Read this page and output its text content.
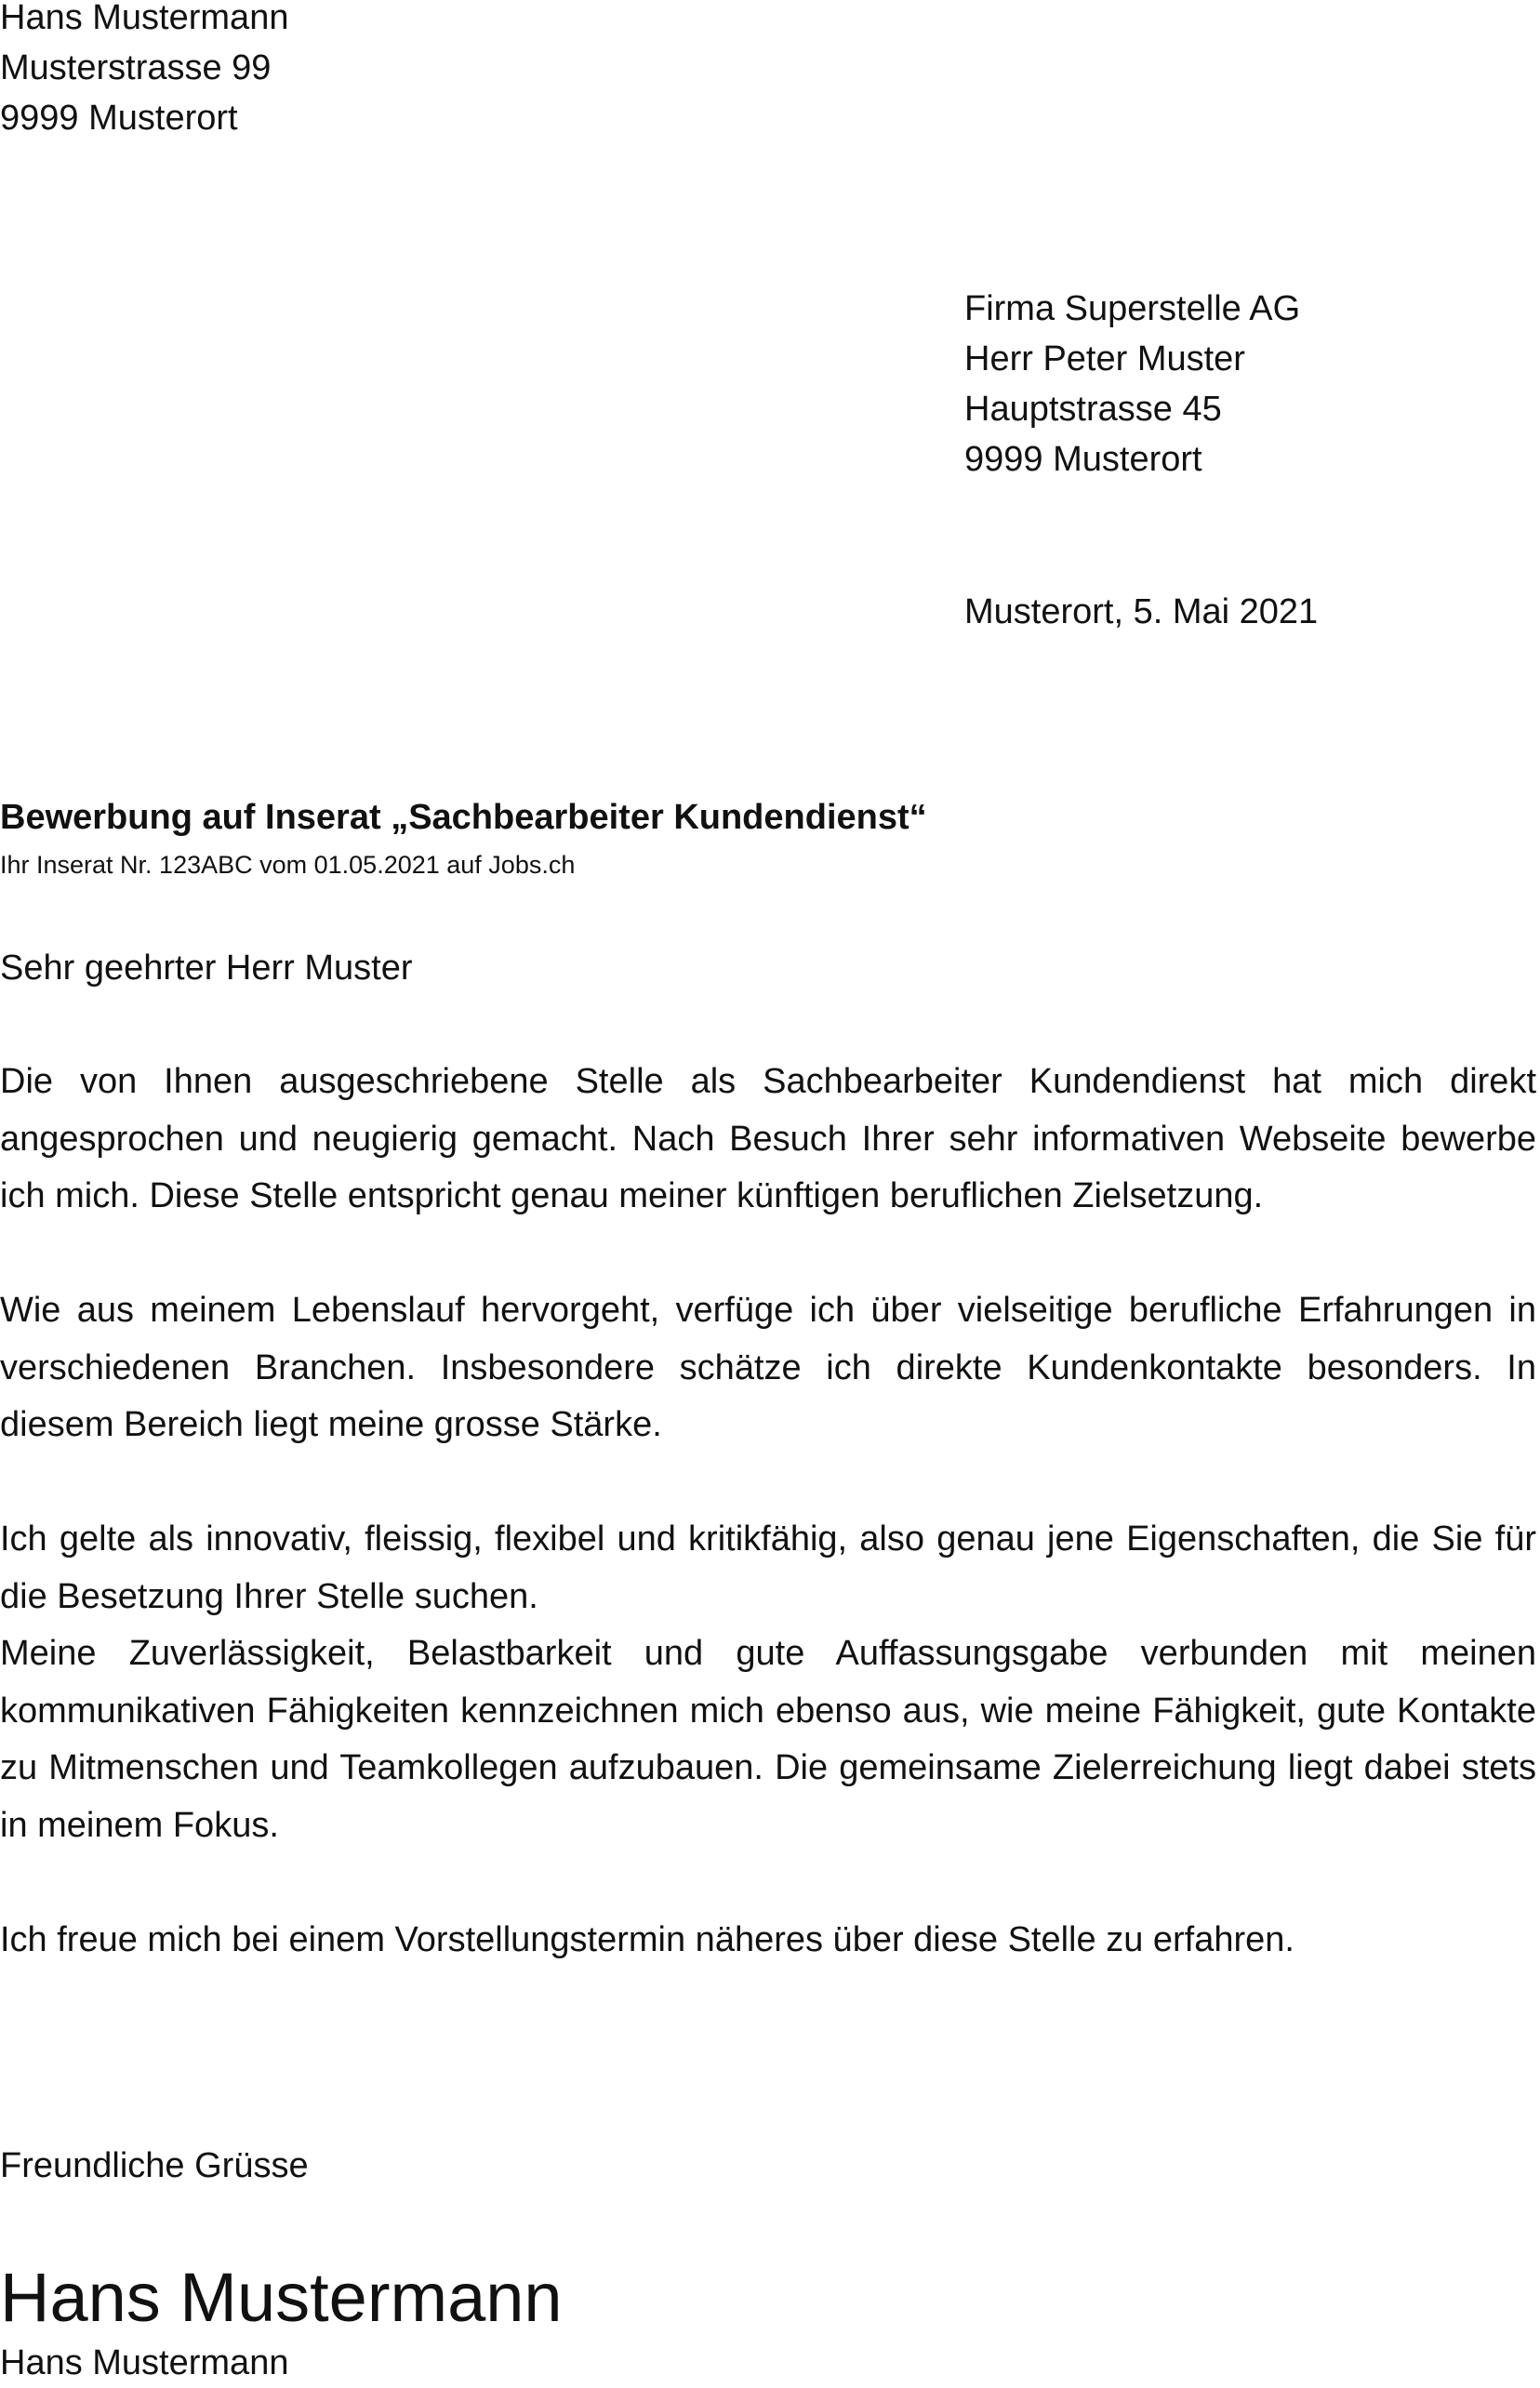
Hans Mustermann
Musterstrasse 99
9999 Musterort
Firma Superstelle AG
Herr Peter Muster
Hauptstrasse 45
9999 Musterort
Musterort, 5. Mai 2021
Bewerbung auf Inserat „Sachbearbeiter Kundendienst“
Ihr Inserat Nr. 123ABC vom 01.05.2021 auf Jobs.ch
Sehr geehrter Herr Muster

Die von Ihnen ausgeschriebene Stelle als Sachbearbeiter Kundendienst hat mich direkt angesprochen und neugierig gemacht. Nach Besuch Ihrer sehr informativen Webseite bewerbe ich mich. Diese Stelle entspricht genau meiner künftigen beruflichen Zielsetzung.

Wie aus meinem Lebenslauf hervorgeht, verfüge ich über vielseitige berufliche Erfahrungen in verschiedenen Branchen. Insbesondere schätze ich direkte Kundenkontakte besonders. In diesem Bereich liegt meine grosse Stärke.

Ich gelte als innovativ, fleissig, flexibel und kritikfähig, also genau jene Eigenschaften, die Sie für die Besetzung Ihrer Stelle suchen.

Meine Zuverlässigkeit, Belastbarkeit und gute Auffassungsgabe verbunden mit meinen kommunikativen Fähigkeiten kennzeichnen mich ebenso aus, wie meine Fähigkeit, gute Kontakte zu Mitmenschen und Teamkollegen aufzubauen. Die gemeinsame Zielerreichung liegt dabei stets in meinem Fokus.

Ich freue mich bei einem Vorstellungstermin näheres über diese Stelle zu erfahren.

Freundliche Grüsse
Hans Mustermann
Hans Mustermann
